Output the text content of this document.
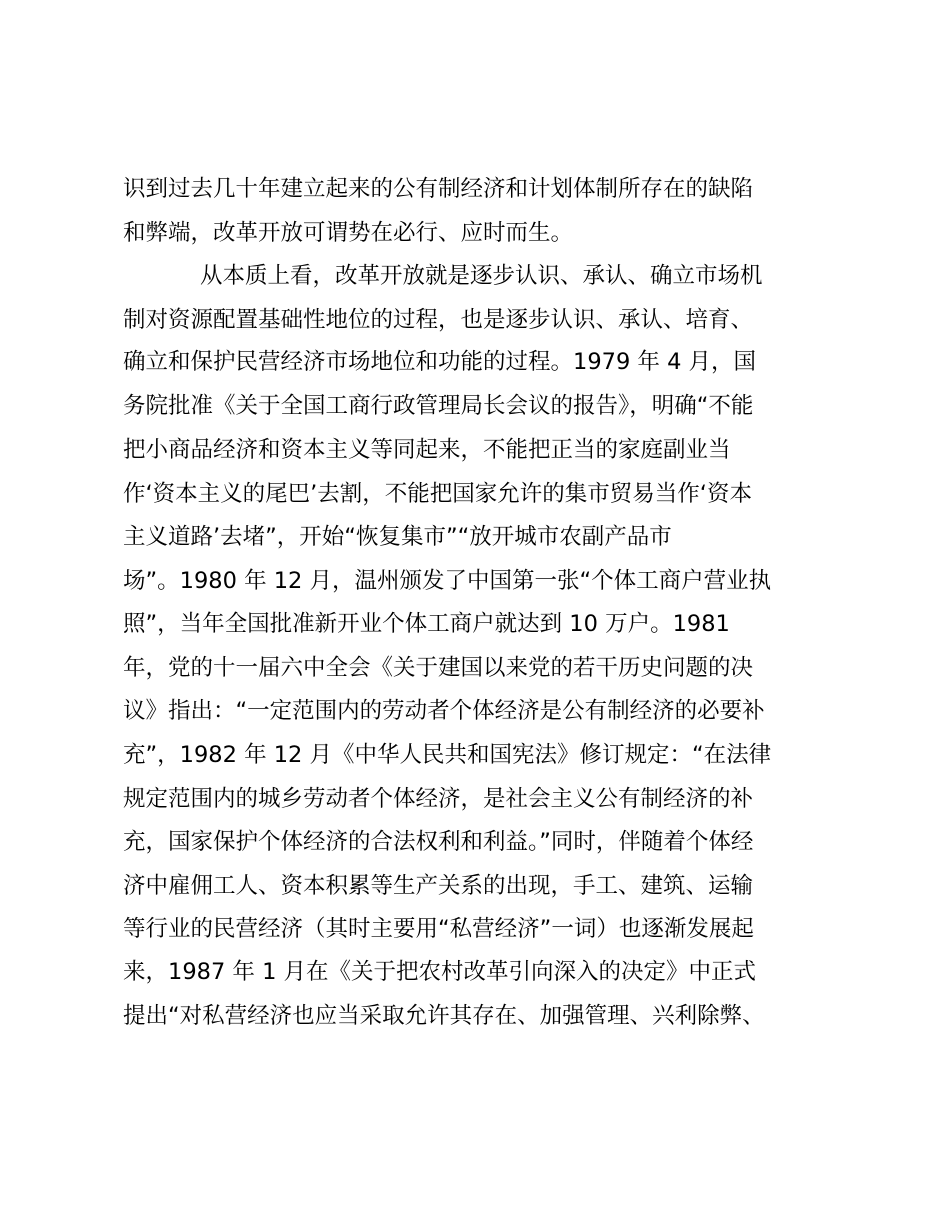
识到过去几十年建立起来的公有制经济和计划体制所存在的缺陷
和弊端，改革开放可谓势在必行、应时而生。
从本质上看，改革开放就是逐步认识、承认、确立市场机
制对资源配置基础性地位的过程，也是逐步认识、承认、培育、
确立和保护民营经济市场地位和功能的过程。1979 年 4 月，国
务院批准《关于全国工商行政管理局长会议的报告》，明确“不能
把小商品经济和资本主义等同起来，不能把正当的家庭副业当
作‘资本主义的尾巴’去割，不能把国家允许的集市贸易当作‘资本
主义道路’去堵”，开始“恢复集市”“放开城市农副产品市
场”。1980 年 12 月，温州颁发了中国第一张“个体工商户营业执
照”，当年全国批准新开业个体工商户就达到 10 万户。1981
年，党的十一届六中全会《关于建国以来党的若干历史问题的决
议》指出：“一定范围内的劳动者个体经济是公有制经济的必要补
充”，1982 年 12 月《中华人民共和国宪法》修订规定：“在法律
规定范围内的城乡劳动者个体经济，是社会主义公有制经济的补
充，国家保护个体经济的合法权利和利益。”同时，伴随着个体经
济中雇佣工人、资本积累等生产关系的出现，手工、建筑、运输
等行业的民营经济（其时主要用“私营经济”一词）也逐渐发展起
来，1987 年 1 月在《关于把农村改革引向深入的决定》中正式
提出“对私营经济也应当采取允许其存在、加强管理、兴利除弊、
